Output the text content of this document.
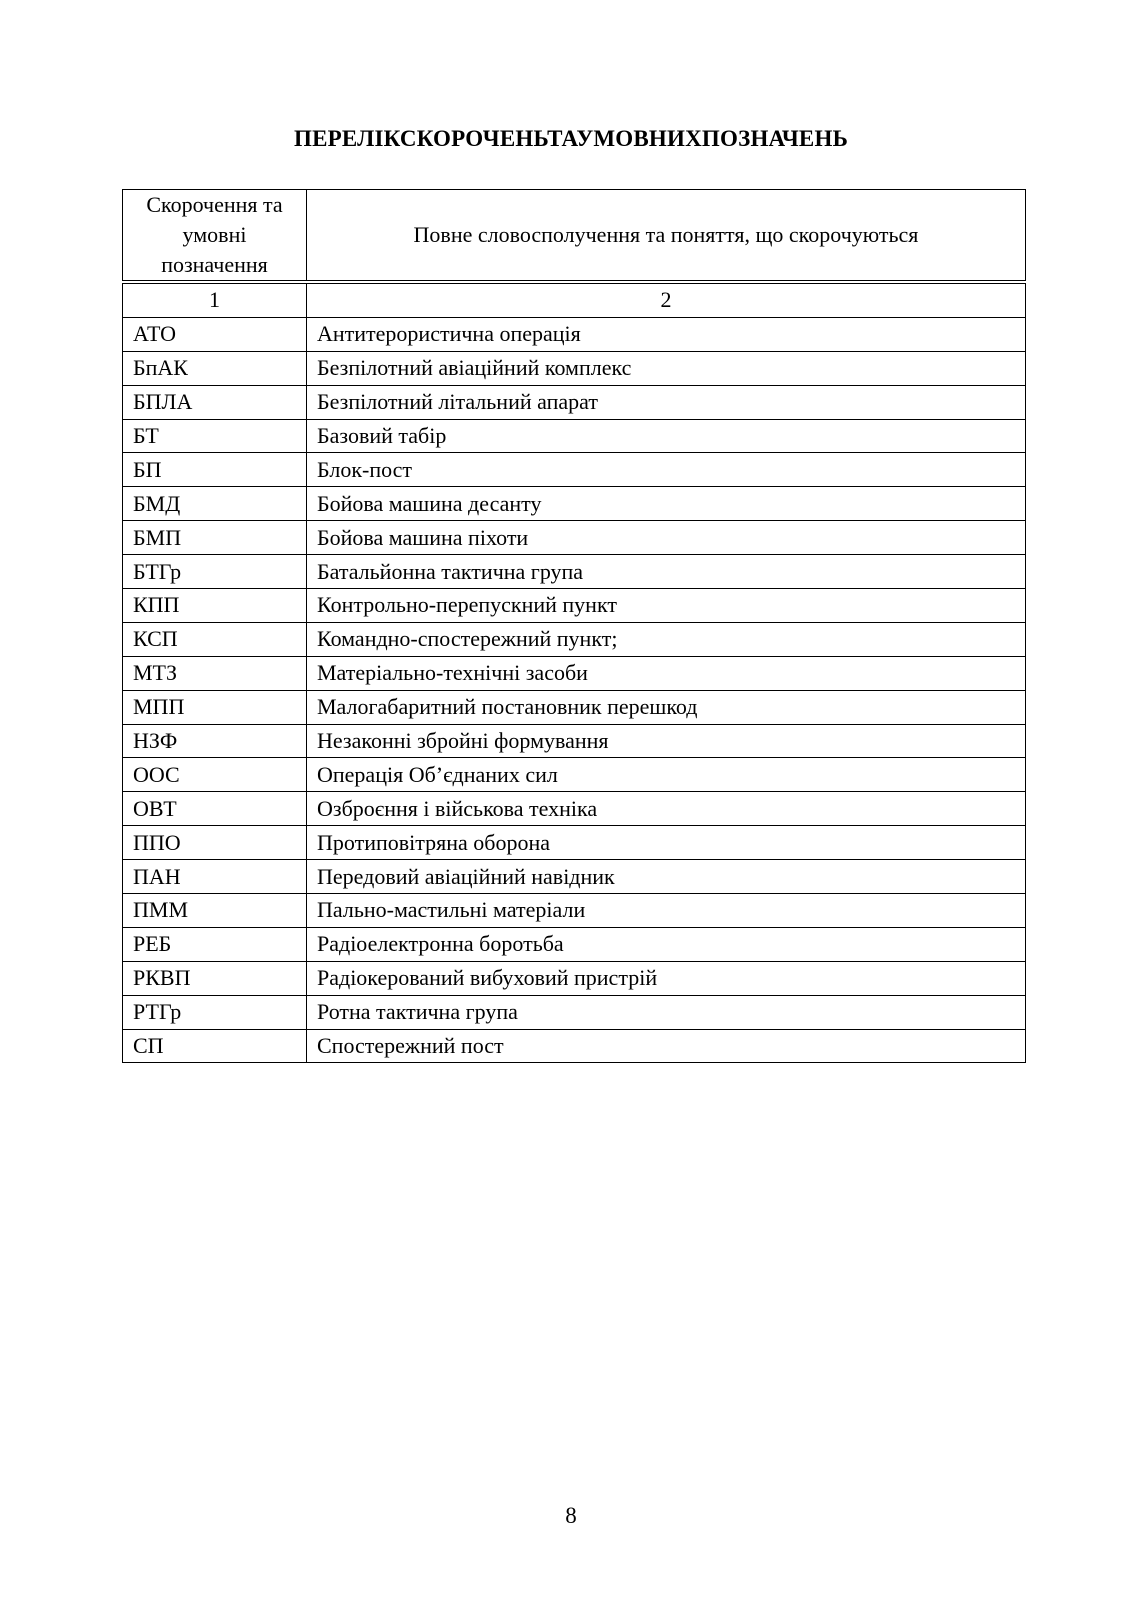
ПЕРЕЛІКСКОРОЧЕНЬТАУМОВНИХПОЗНАЧЕНЬ
Скорочення та умовні позначення	Повне словосполучення та поняття, що скорочуються
1	2
АТО	Антитерористична операція
БпАК	Безпілотний авіаційний комплекс
БПЛА	Безпілотний літальний апарат
БТ	Базовий табір
БП	Блок-пост
БМД	Бойова машина десанту
БМП	Бойова машина піхоти
БТГр	Батальйонна тактична група
КПП	Контрольно-перепускний пункт
КСП	Командно-спостережний пункт;
МТЗ	Матеріально-технічні засоби
МПП	Малогабаритний постановник перешкод
НЗФ	Незаконні збройні формування
ООС	Операція Об’єднаних сил
ОВТ	Озброєння і військова техніка
ППО	Протиповітряна оборона
ПАН	Передовий авіаційний навідник
ПММ	Пально-мастильні матеріали
РЕБ	Радіоелектронна боротьба
РКВП	Радіокерований вибуховий пристрій
РТГр	Ротна тактична група
СП	Спостережний пост
8
